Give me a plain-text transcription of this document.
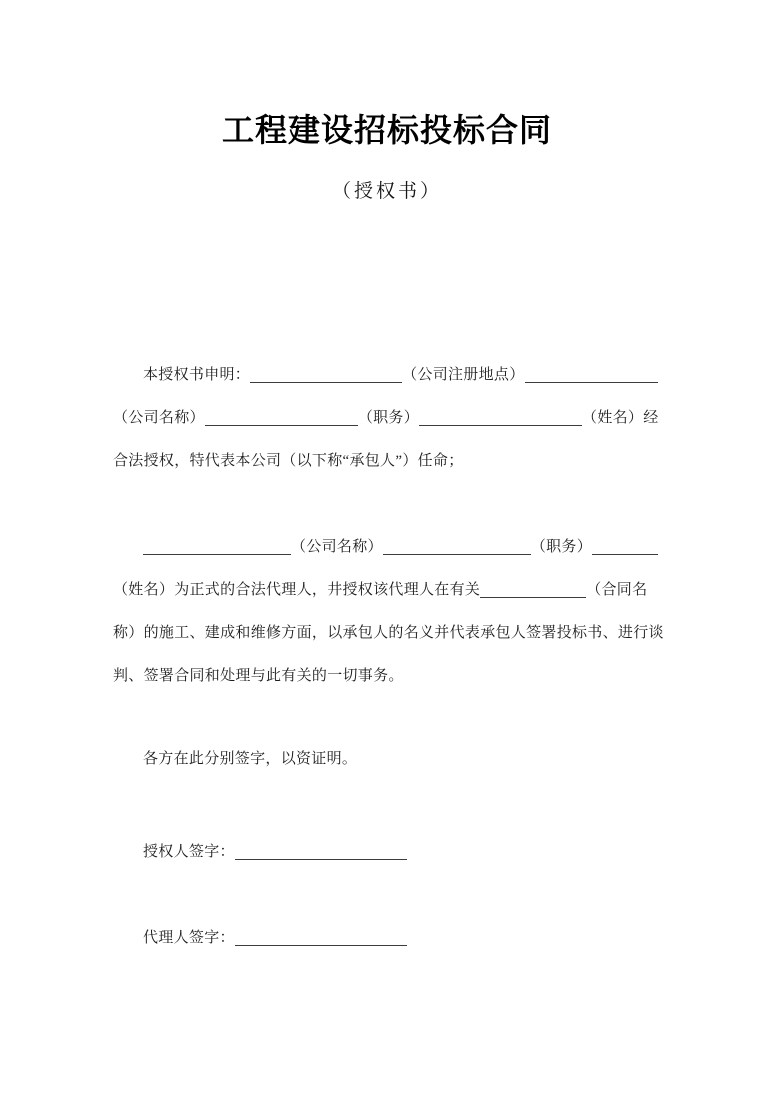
工程建设招标投标合同
（授权书）
本授权书申明：	（公司注册地点）
（公司名称）	（职务）	（姓名）经
合法授权，特代表本公司（以下称“承包人”）任命；
（公司名称）	（职务）
（姓名）为正式的合法代理人，井授权该代理人在有关	（合同名
称）的施工、建成和维修方面，以承包人的名义并代表承包人签署投标书、进行谈
判、签署合同和处理与此有关的一切事务。
各方在此分别签字，以资证明。
授权人签字：
代理人签字：
